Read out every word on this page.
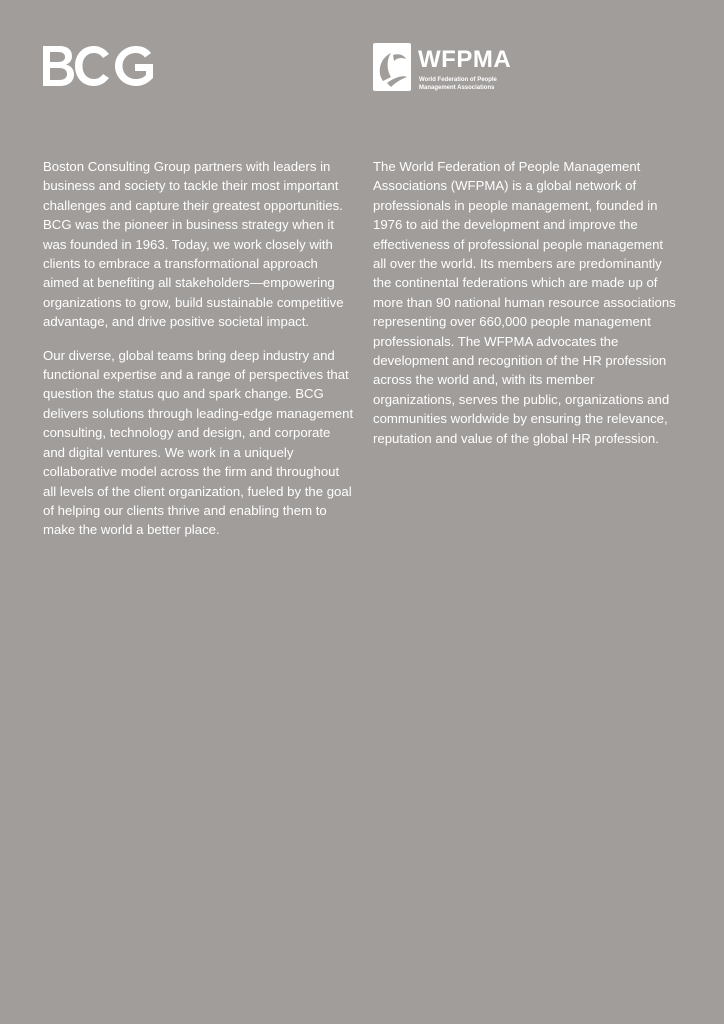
WFPMA
World Federation of People Management Associations

Boston Consulting Group partners with leaders in business and society to tackle their most important challenges and capture their greatest opportunities. BCG was the pioneer in business strategy when it was founded in 1963. Today, we work closely with clients to embrace a transformational approach aimed at benefiting all stakeholders—empowering organizations to grow, build sustainable competitive advantage, and drive positive societal impact.

Our diverse, global teams bring deep industry and functional expertise and a range of perspectives that question the status quo and spark change. BCG delivers solutions through leading-edge management consulting, technology and design, and corporate and digital ventures. We work in a uniquely collaborative model across the firm and throughout all levels of the client organization, fueled by the goal of helping our clients thrive and enabling them to make the world a better place.

The World Federation of People Management Associations (WFPMA) is a global network of professionals in people management, founded in 1976 to aid the development and improve the effectiveness of professional people management all over the world. Its members are predominantly the continental federations which are made up of more than 90 national human resource associations representing over 660,000 people management professionals. The WFPMA advocates the development and recognition of the HR profession across the world and, with its member organizations, serves the public, organizations and communities worldwide by ensuring the relevance, reputation and value of the global HR profession.
